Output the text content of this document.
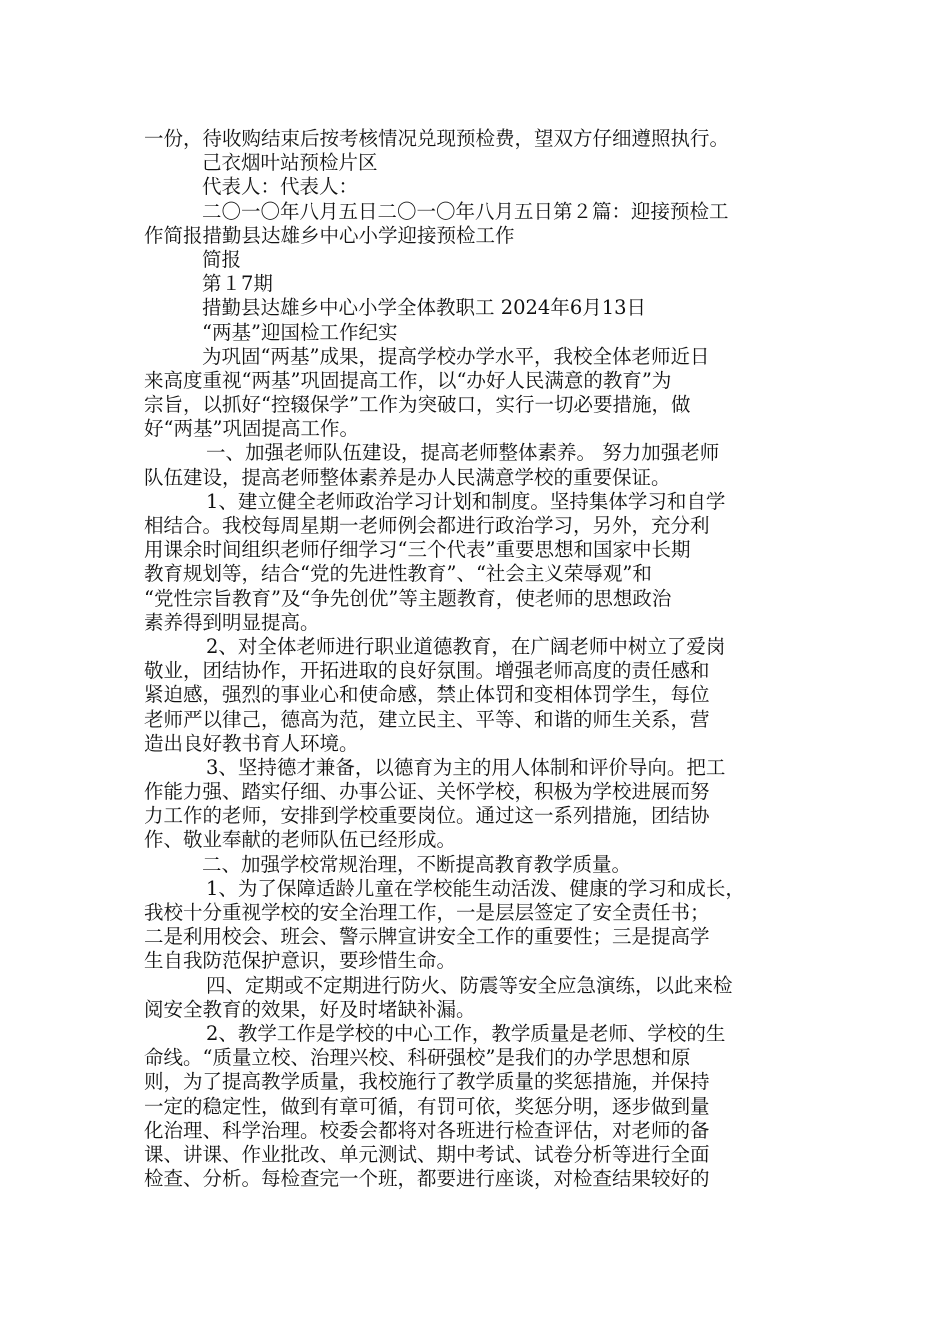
一份，待收购结束后按考核情况兑现预检费，望双方仔细遵照执行。
己衣烟叶站预检片区
代表人：代表人：
二〇一〇年八月五日二〇一〇年八月五日第２篇：迎接预检工
作简报措勤县达雄乡中心小学迎接预检工作
简报
第１7期
措勤县达雄乡中心小学全体教职工 2024年6月13日
“两基”迎国检工作纪实
为巩固“两基”成果，提高学校办学水平，我校全体老师近日
来高度重视“两基”巩固提高工作，以“办好人民满意的教育”为
宗旨，以抓好“控辍保学”工作为突破口，实行一切必要措施，做
好“两基”巩固提高工作。
一、加强老师队伍建设，提高老师整体素养。 努力加强老师
队伍建设，提高老师整体素养是办人民满意学校的重要保证。
1、建立健全老师政治学习计划和制度。坚持集体学习和自学
相结合。我校每周星期一老师例会都进行政治学习，另外，充分利
用课余时间组织老师仔细学习“三个代表”重要思想和国家中长期
教育规划等，结合“党的先进性教育”、“社会主义荣辱观”和
“党性宗旨教育”及“争先创优”等主题教育，使老师的思想政治
素养得到明显提高。
2、对全体老师进行职业道德教育，在广阔老师中树立了爱岗
敬业，团结协作，开拓进取的良好氛围。增强老师高度的责任感和
紧迫感，强烈的事业心和使命感，禁止体罚和变相体罚学生，每位
老师严以律己，德高为范，建立民主、平等、和谐的师生关系，营
造出良好教书育人环境。
3、坚持德才兼备，以德育为主的用人体制和评价导向。把工
作能力强、踏实仔细、办事公证、关怀学校，积极为学校进展而努
力工作的老师，安排到学校重要岗位。通过这一系列措施，团结协
作、敬业奉献的老师队伍已经形成。
二、加强学校常规治理，不断提高教育教学质量。
1、为了保障适龄儿童在学校能生动活泼、健康的学习和成长，
我校十分重视学校的安全治理工作，一是层层签定了安全责任书；
二是利用校会、班会、警示牌宣讲安全工作的重要性；三是提高学
生自我防范保护意识，要珍惜生命。
四、定期或不定期进行防火、防震等安全应急演练，以此来检
阅安全教育的效果，好及时堵缺补漏。
2、教学工作是学校的中心工作，教学质量是老师、学校的生
命线。“质量立校、治理兴校、科研强校”是我们的办学思想和原
则，为了提高教学质量，我校施行了教学质量的奖惩措施，并保持
一定的稳定性，做到有章可循，有罚可依，奖惩分明，逐步做到量
化治理、科学治理。校委会都将对各班进行检查评估，对老师的备
课、讲课、作业批改、单元测试、期中考试、试卷分析等进行全面
检查、分析。每检查完一个班，都要进行座谈，对检查结果较好的
